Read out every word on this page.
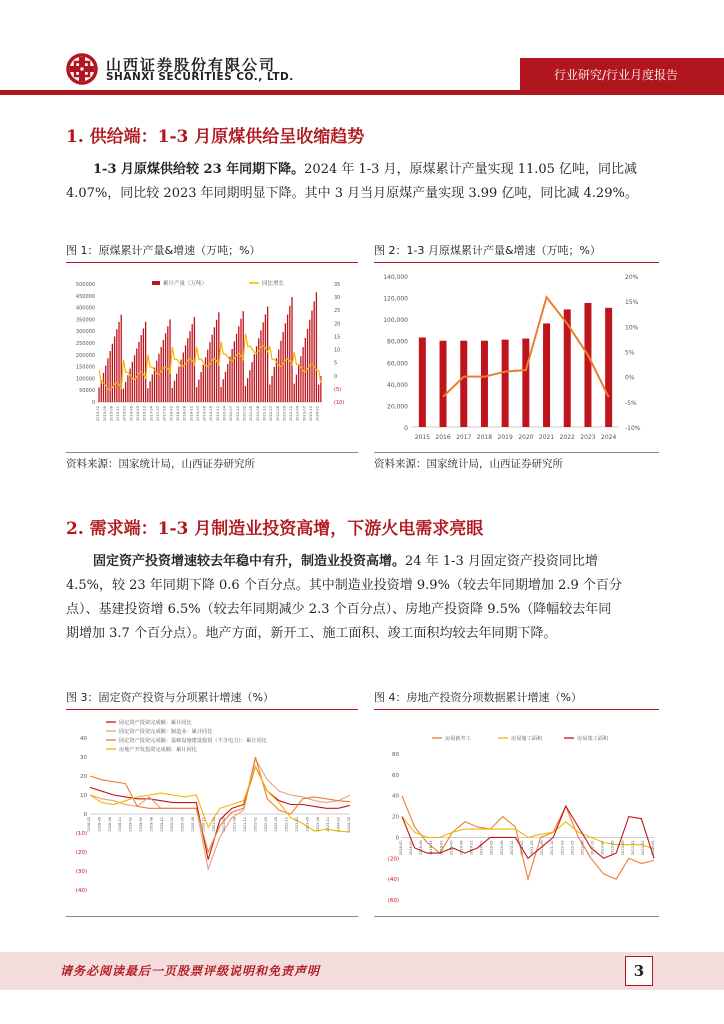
山西证券股份有限公司
SHANXI SECURITIES CO., LTD.	行业研究/行业月度报告
1. 供给端：1-3 月原煤供给呈收缩趋势

1-3 月原煤供给较 23 年同期下降。2024 年 1-3 月，原煤累计产量实现 11.05 亿吨，同比减

4.07%，同比较 2023 年同期明显下降。其中 3 月当月原煤产量实现 3.99 亿吨，同比减 4.29%。

图 1：原煤累计产量&增速（万吨；%）
累计产量（万吨）	同比增长
500000
450000
400000
350000
300000
250000
200000
150000
100000
50000
0
35
30
25
20
15
10
5
0
(5)
(10)
2015-02 2015-05 2015-08 2015-11 2016-03 2016-06 2016-09 2016-12 2017-04 2017-07 2017-10 2018-02 2018-05 2018-08 2018-11 2019-03 2019-06 2019-09 2019-12 2020-04 2020-07 2020-10 2021-02 2021-05 2021-08 2021-11 2022-03 2022-06 2022-09 2022-12 2023-04 2023-07 2023-10 2024-02
资料来源：国家统计局，山西证券研究所
图 2：1-3 月原煤累计产量&增速（万吨；%）
140,000
120,000
100,000
80,000
60,000
40,000
20,000
0
20%
15%
10%
5%
0%
-5%
-10%
2015 2016 2017 2018 2019 2020 2021 2022 2023 2024
资料来源：国家统计局，山西证券研究所
2. 需求端：1-3 月制造业投资高增，下游火电需求亮眼

固定资产投资增速较去年稳中有升，制造业投资高增。24 年 1-3 月固定资产投资同比增

4.5%，较 23 年同期下降 0.6 个百分点。其中制造业投资增 9.9%（较去年同期增加 2.9 个百分

点）、基建投资增 6.5%（较去年同期减少 2.3 个百分点）、房地产投资降 9.5%（降幅较去年同

期增加 3.7 个百分点）。地产方面，新开工、施工面积、竣工面积均较去年同期下降。

图 3：固定资产投资与分项累计增速（%）
40
30
20
10
0
(10)
(20)
(30)
(40)
2018-02 2018-05 2018-08 2018-11 2019-02 2019-05 2019-08 2019-11 2020-02 2020-05 2020-08 2020-11 2021-02 2021-05 2021-08 2021-11 2022-02 2022-05 2022-08 2022-11 2023-02 2023-05 2023-08 2023-11 2024-02 2024-05
固定资产投资完成额：累计同比
固定资产投资完成额：制造业：累计同比
固定资产投资完成额：基础设施建设投资（不含电力）：累计同比
房地产开发投资完成额：累计同比
图 4：房地产投资分项数据累计增速（%）
80
60
40
20
0
(20)
(40)
(60)
2018-02 2018-05 2018-08 2018-11 2019-02 2019-05 2019-08 2019-11 2020-02 2020-05 2020-08 2020-11 2021-02 2021-05 2021-08 2021-11 2022-02 2022-05 2022-08 2022-11 2023-02 2023-05 2023-08 2023-11 2024-02 2024-05
房屋新开工	房屋施工面积	房屋竣工面积
请务必阅读最后一页股票评级说明和免责声明	3
